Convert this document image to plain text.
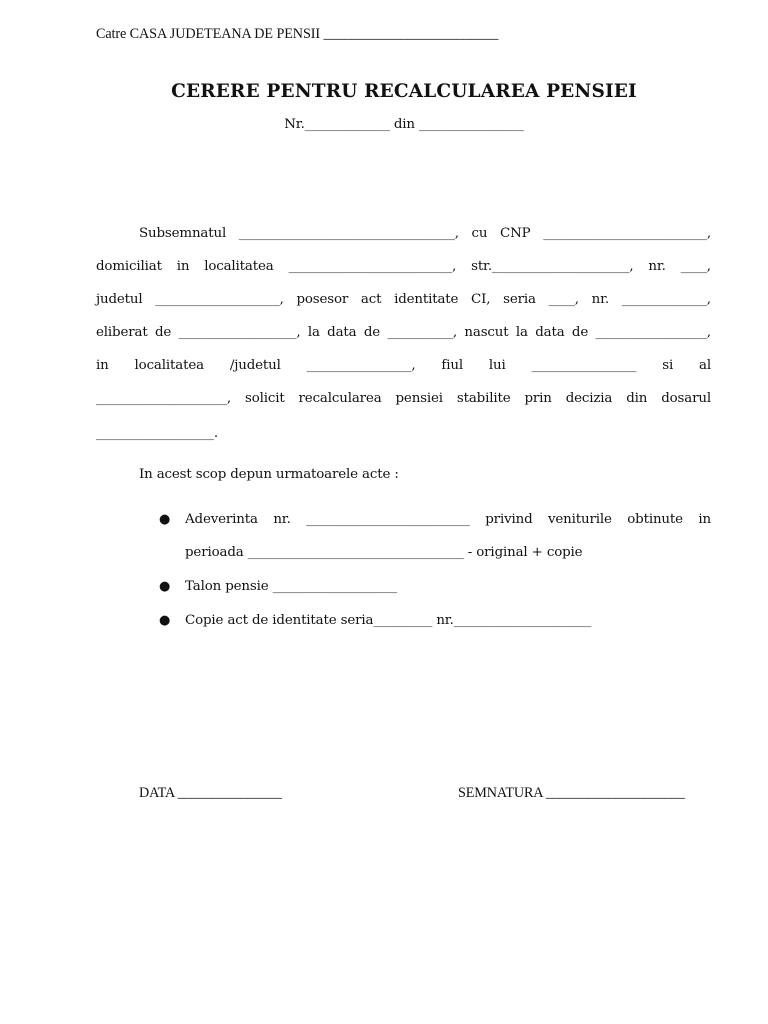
Catre CASA JUDETEANA DE PENSII _________________________
CERERE PENTRU RECALCULAREA PENSIEI
Nr._____________ din ________________
Subsemnatul _________________________________, cu CNP _________________________,
domiciliat in localitatea _________________________, str._____________________, nr. ____,
judetul ___________________, posesor act identitate CI, seria ____, nr. _____________,
eliberat de __________________, la data de __________, nascut la data de _________________,
in localitatea /judetul ________________, fiul lui ________________ si al
____________________, solicit recalcularea pensiei stabilite prin decizia din dosarul
__________________.
In acest scop depun urmatoarele acte :
● Adeverinta nr. _________________________ privind veniturile obtinute in
perioada _________________________________ - original + copie
● Talon pensie ___________________
● Copie act de identitate seria_________ nr._____________________
DATA _______________	SEMNATURA ____________________
